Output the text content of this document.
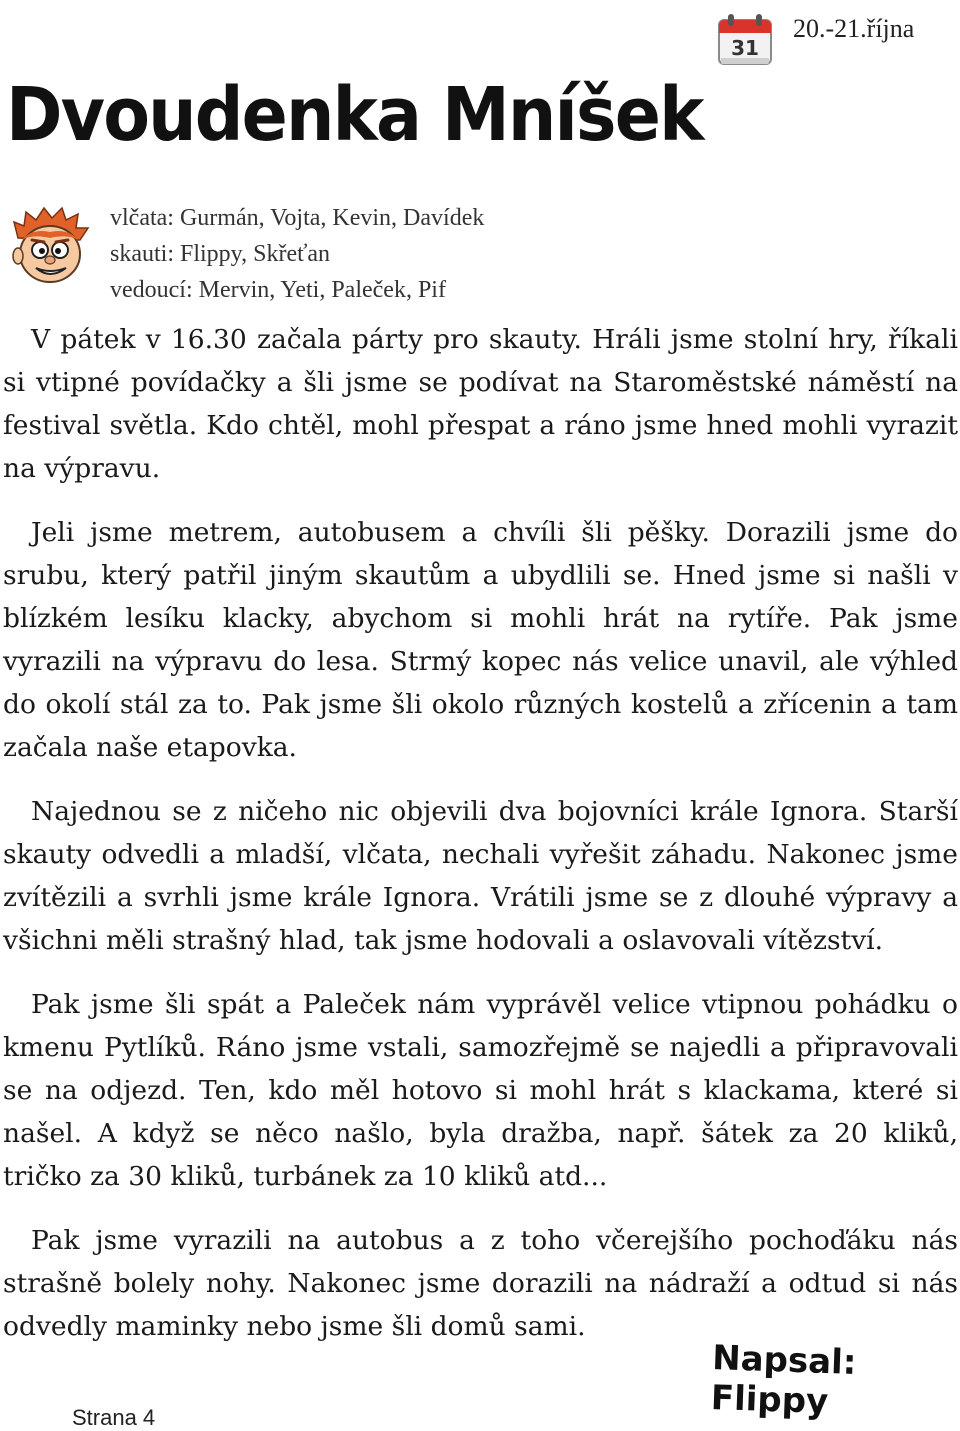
31
20.-21.října
Dvoudenka Mníšek
vlčata: Gurmán, Vojta, Kevin, Davídek
skauti: Flippy, Skřeťan
vedoucí: Mervin, Yeti, Paleček, Pif

V pátek v 16.30 začala párty pro skauty. Hráli jsme stolní hry, říkali si vtipné povídačky a šli jsme se podívat na Staroměstské náměstí na festival světla. Kdo chtěl, mohl přespat a ráno jsme hned mohli vyrazit na výpravu.

Jeli jsme metrem, autobusem a chvíli šli pěšky. Dorazili jsme do srubu, který patřil jiným skautům a ubydlili se. Hned jsme si našli v blízkém lesíku klacky, abychom si mohli hrát na rytíře. Pak jsme vyrazili na výpravu do lesa. Strmý kopec nás velice unavil, ale výhled do okolí stál za to. Pak jsme šli okolo různých kostelů a zřícenin a tam začala naše etapovka.

Najednou se z ničeho nic objevili dva bojovníci krále Ignora. Starší skauty odvedli a mladší, vlčata, nechali vyřešit záhadu. Nakonec jsme zvítězili a svrhli jsme krále Ignora. Vrátili jsme se z dlouhé výpravy a všichni měli strašný hlad, tak jsme hodovali a oslavovali vítězství.

Pak jsme šli spát a Paleček nám vyprávěl velice vtipnou pohádku o kmenu Pytlíků. Ráno jsme vstali, samozřejmě se najedli a připravovali se na odjezd. Ten, kdo měl hotovo si mohl hrát s klackama, které si našel. A když se něco našlo, byla dražba, např. šátek za 20 kliků, tričko za 30 kliků, turbánek za 10 kliků atd...

Pak jsme vyrazili na autobus a z toho včerejšího pochoďáku nás strašně bolely nohy. Nakonec jsme dorazili na nádraží a odtud si nás odvedly maminky nebo jsme šli domů sami.

Napsal: Flippy
Strana 4
